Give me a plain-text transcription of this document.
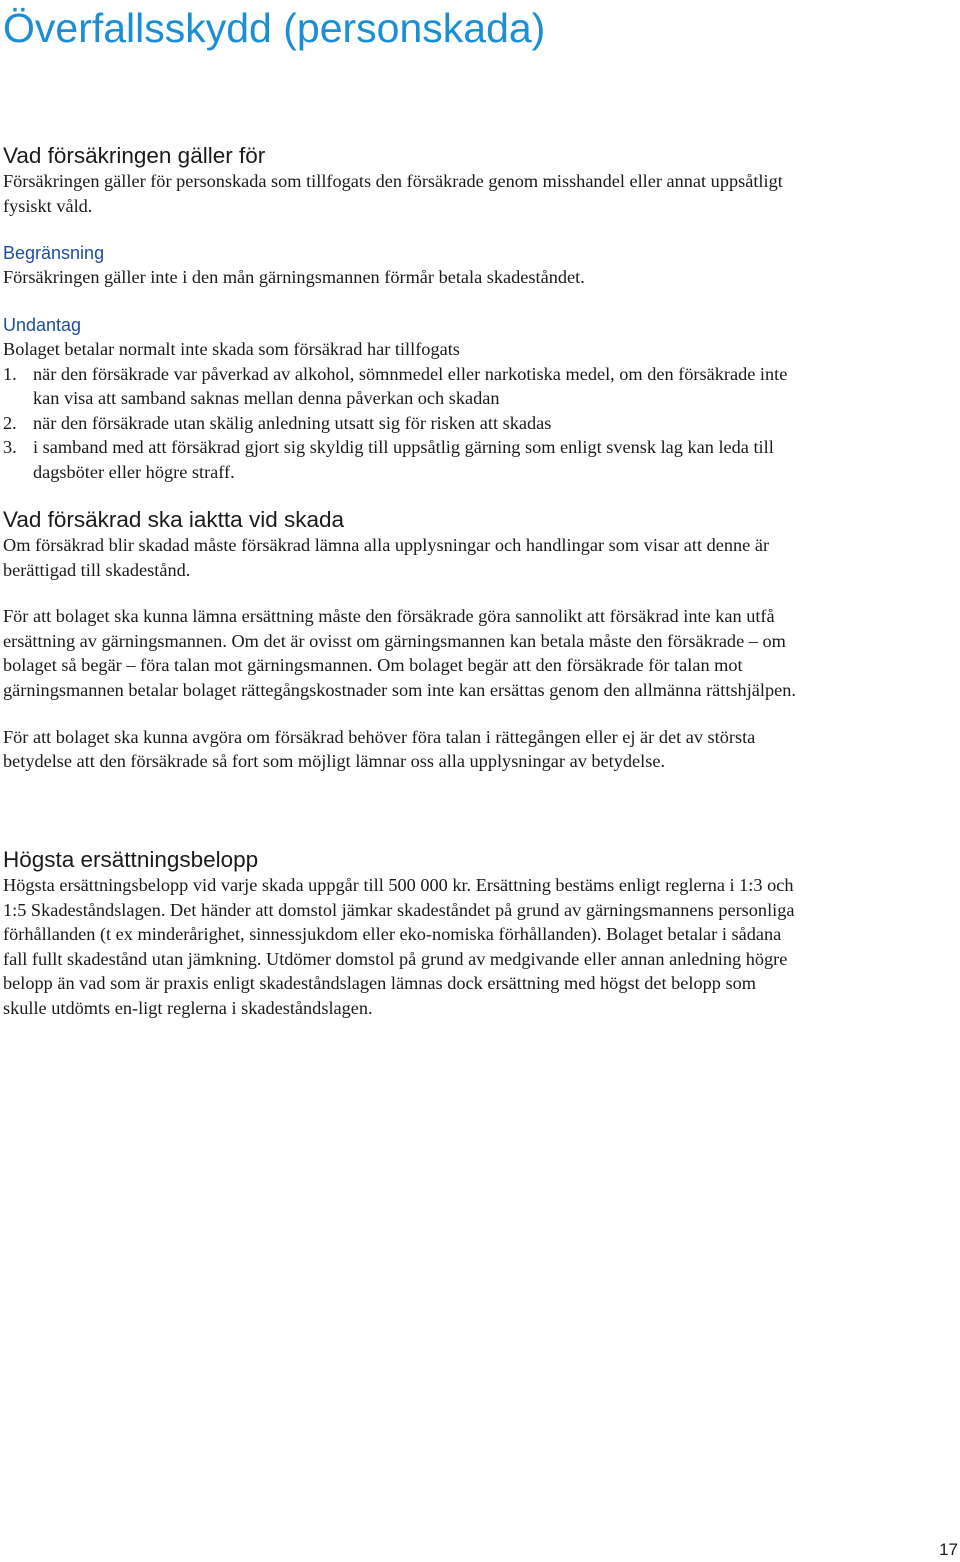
Överfallsskydd (personskada)
Vad försäkringen gäller för

Försäkringen gäller för personskada som tillfogats den försäkrade genom misshandel eller annat uppsåtligt fysiskt våld.

Begränsning

Försäkringen gäller inte i den mån gärningsmannen förmår betala skadeståndet.

Undantag

Bolaget betalar normalt inte skada som försäkrad har tillfogats

1. när den försäkrade var påverkad av alkohol, sömnmedel eller narkotiska medel, om den försäkrade inte kan visa att samband saknas mellan denna påverkan och skadan
2. när den försäkrade utan skälig anledning utsatt sig för risken att skadas
3. i samband med att försäkrad gjort sig skyldig till uppsåtlig gärning som enligt svensk lag kan leda till dagsböter eller högre straff.
Vad försäkrad ska iaktta vid skada

Om försäkrad blir skadad måste försäkrad lämna alla upplysningar och handlingar som visar att denne är berättigad till skadestånd.

För att bolaget ska kunna lämna ersättning måste den försäkrade göra sannolikt att försäkrad inte kan utfå ersättning av gärningsmannen. Om det är ovisst om gärningsmannen kan betala måste den försäkrade – om bolaget så begär – föra talan mot gärningsmannen. Om bolaget begär att den försäkrade för talan mot gärningsmannen betalar bolaget rättegångskostnader som inte kan ersättas genom den allmänna rättshjälpen.

För att bolaget ska kunna avgöra om försäkrad behöver föra talan i rättegången eller ej är det av största betydelse att den försäkrade så fort som möjligt lämnar oss alla upplysningar av betydelse.

Högsta ersättningsbelopp

Högsta ersättningsbelopp vid varje skada uppgår till 500 000 kr. Ersättning bestäms enligt reglerna i 1:3 och 1:5 Skadeståndslagen. Det händer att domstol jämkar skadeståndet på grund av gärningsmannens personliga förhållanden (t ex minderårighet, sinnessjukdom eller eko-nomiska förhållanden). Bolaget betalar i sådana fall fullt skadestånd utan jämkning. Utdömer domstol på grund av medgivande eller annan anledning högre belopp än vad som är praxis enligt skadeståndslagen lämnas dock ersättning med högst det belopp som skulle utdömts en-ligt reglerna i skadeståndslagen.

17
